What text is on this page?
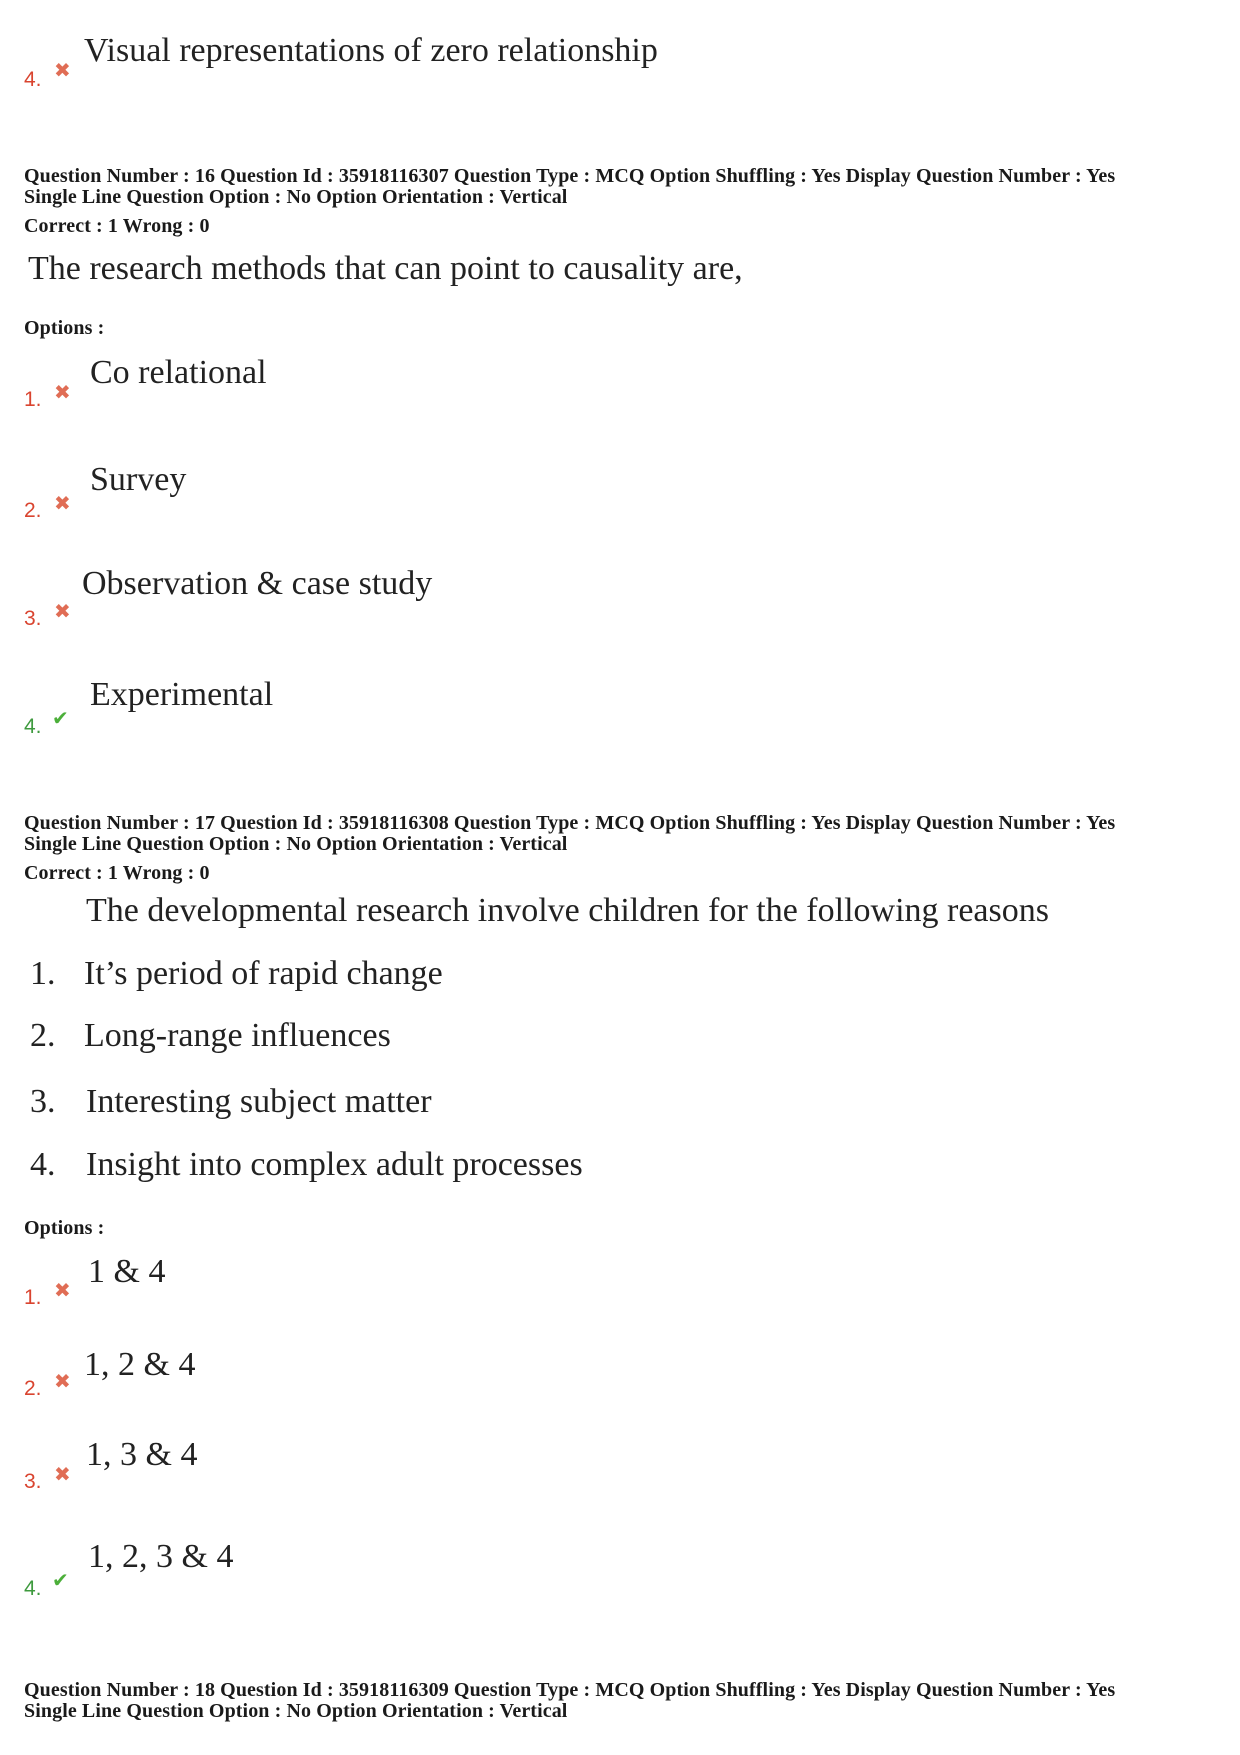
4. ✖
Visual representations of zero relationship
Question Number : 16 Question Id : 35918116307 Question Type : MCQ Option Shuffling : Yes Display Question Number : Yes
Single Line Question Option : No Option Orientation : Vertical
Correct : 1 Wrong : 0
The research methods that can point to causality are,
Options :
1. ✖
Co relational
2. ✖
Survey
3. ✖
Observation & case study
4. ✔
Experimental
Question Number : 17 Question Id : 35918116308 Question Type : MCQ Option Shuffling : Yes Display Question Number : Yes
Single Line Question Option : No Option Orientation : Vertical
Correct : 1 Wrong : 0
The developmental research involve children for the following reasons
1. It’s period of rapid change
2. Long-range influences
3. Interesting subject matter
4. Insight into complex adult processes
Options :
1. ✖ 1 & 4
2. ✖ 1, 2 & 4
3. ✖
1, 3 & 4
4. ✔
1, 2, 3 & 4
Question Number : 18 Question Id : 35918116309 Question Type : MCQ Option Shuffling : Yes Display Question Number : Yes
Single Line Question Option : No Option Orientation : Vertical
